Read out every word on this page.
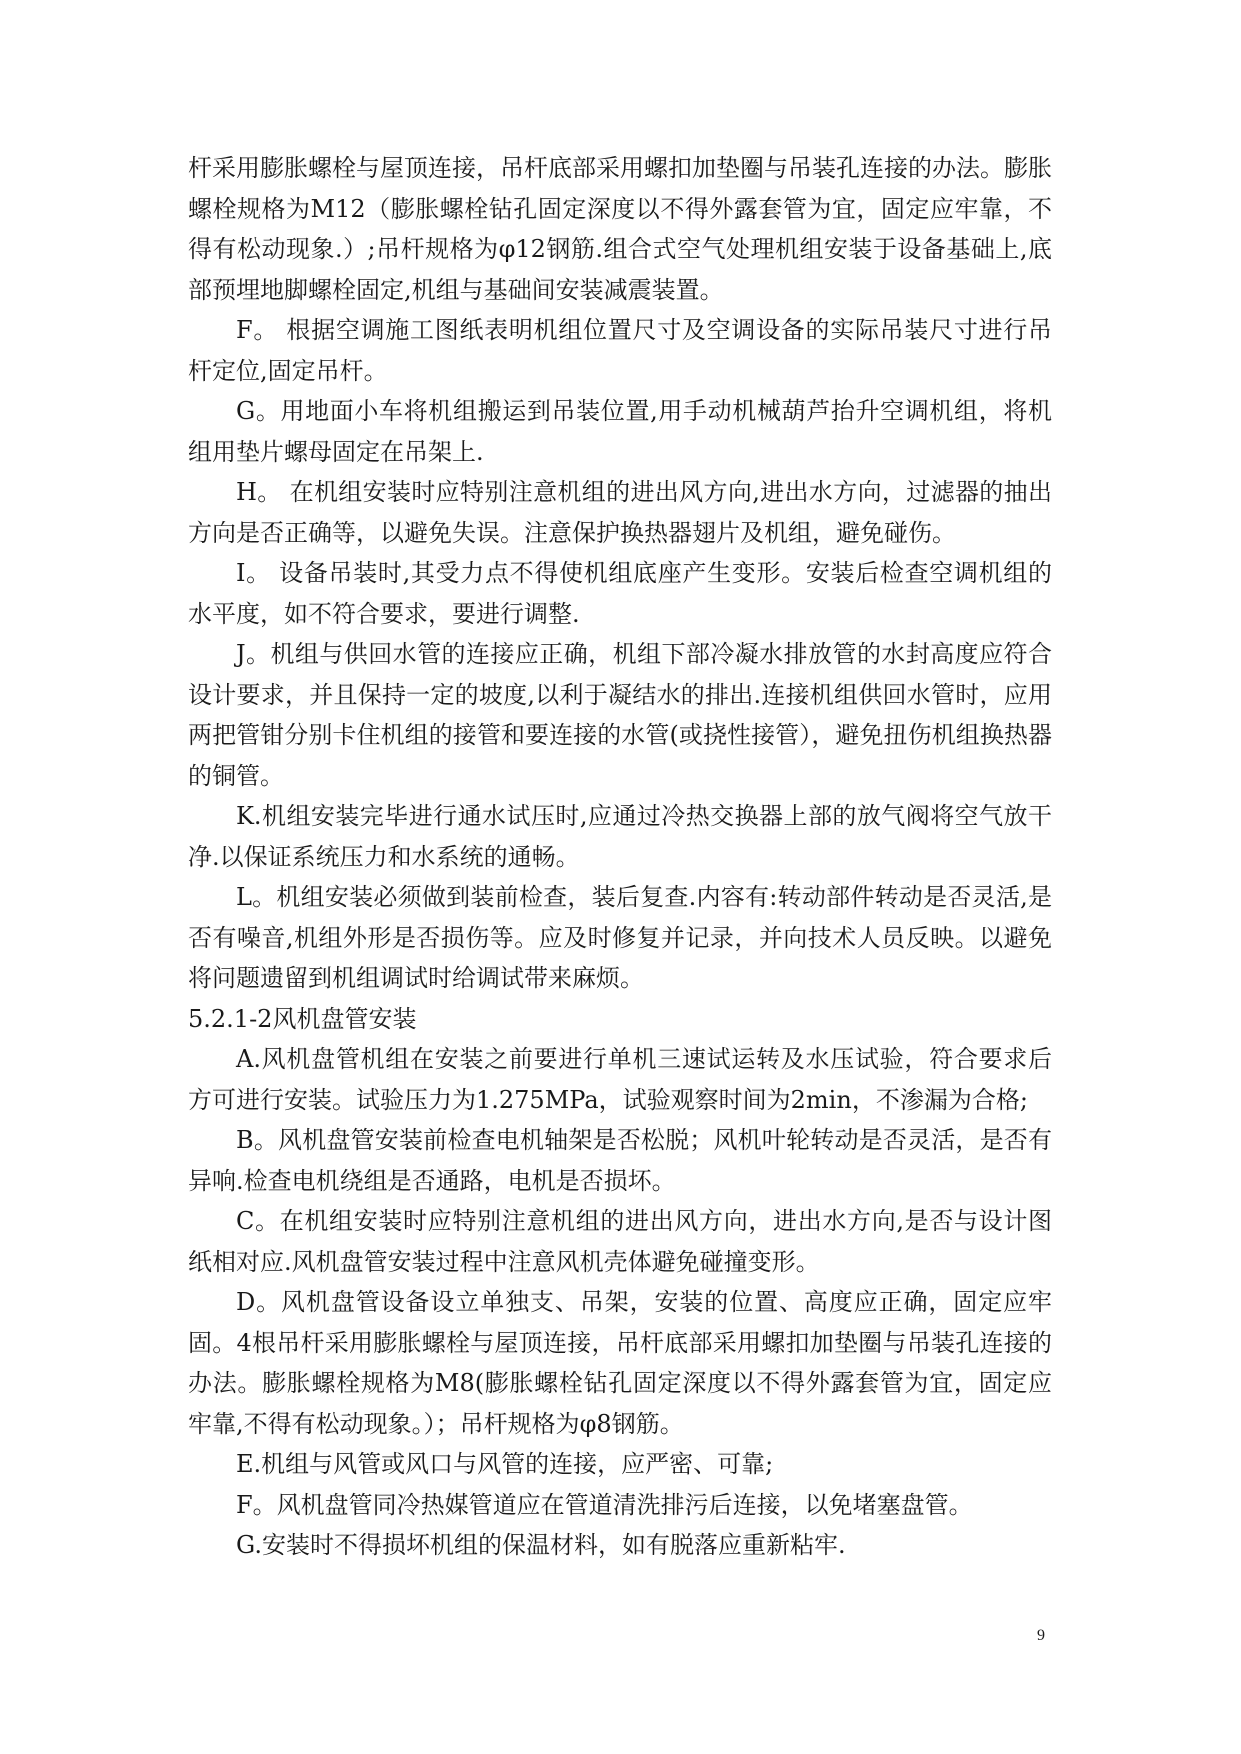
杆采用膨胀螺栓与屋顶连接，吊杆底部采用螺扣加垫圈与吊装孔连接的办法。膨胀螺栓规格为M12（膨胀螺栓钻孔固定深度以不得外露套管为宜，固定应牢靠，不得有松动现象.）;吊杆规格为φ12钢筋.组合式空气处理机组安装于设备基础上,底部预埋地脚螺栓固定,机组与基础间安装减震装置。

F。 根据空调施工图纸表明机组位置尺寸及空调设备的实际吊装尺寸进行吊杆定位,固定吊杆。

G。用地面小车将机组搬运到吊装位置,用手动机械葫芦抬升空调机组，将机组用垫片螺母固定在吊架上.

H。 在机组安装时应特别注意机组的进出风方向,进出水方向，过滤器的抽出方向是否正确等，以避免失误。注意保护换热器翅片及机组，避免碰伤。

I。 设备吊装时,其受力点不得使机组底座产生变形。安装后检查空调机组的水平度，如不符合要求，要进行调整.

J。机组与供回水管的连接应正确，机组下部冷凝水排放管的水封高度应符合设计要求，并且保持一定的坡度,以利于凝结水的排出.连接机组供回水管时，应用两把管钳分别卡住机组的接管和要连接的水管(或挠性接管），避免扭伤机组换热器的铜管。

K.机组安装完毕进行通水试压时,应通过冷热交换器上部的放气阀将空气放干净.以保证系统压力和水系统的通畅。

L。机组安装必须做到装前检查，装后复查.内容有:转动部件转动是否灵活,是否有噪音,机组外形是否损伤等。应及时修复并记录，并向技术人员反映。以避免将问题遗留到机组调试时给调试带来麻烦。

5.2.1-2风机盘管安装

A.风机盘管机组在安装之前要进行单机三速试运转及水压试验，符合要求后方可进行安装。试验压力为1.275MPa，试验观察时间为2min，不渗漏为合格;

B。风机盘管安装前检查电机轴架是否松脱；风机叶轮转动是否灵活，是否有异响.检查电机绕组是否通路，电机是否损坏。

C。在机组安装时应特别注意机组的进出风方向，进出水方向,是否与设计图纸相对应.风机盘管安装过程中注意风机壳体避免碰撞变形。

D。风机盘管设备设立单独支、吊架，安装的位置、高度应正确，固定应牢固。4根吊杆采用膨胀螺栓与屋顶连接，吊杆底部采用螺扣加垫圈与吊装孔连接的办法。膨胀螺栓规格为M8(膨胀螺栓钻孔固定深度以不得外露套管为宜，固定应牢靠,不得有松动现象。）；吊杆规格为φ8钢筋。

E.机组与风管或风口与风管的连接，应严密、可靠;

F。风机盘管同冷热媒管道应在管道清洗排污后连接，以免堵塞盘管。

G.安装时不得损坏机组的保温材料，如有脱落应重新粘牢.

9
